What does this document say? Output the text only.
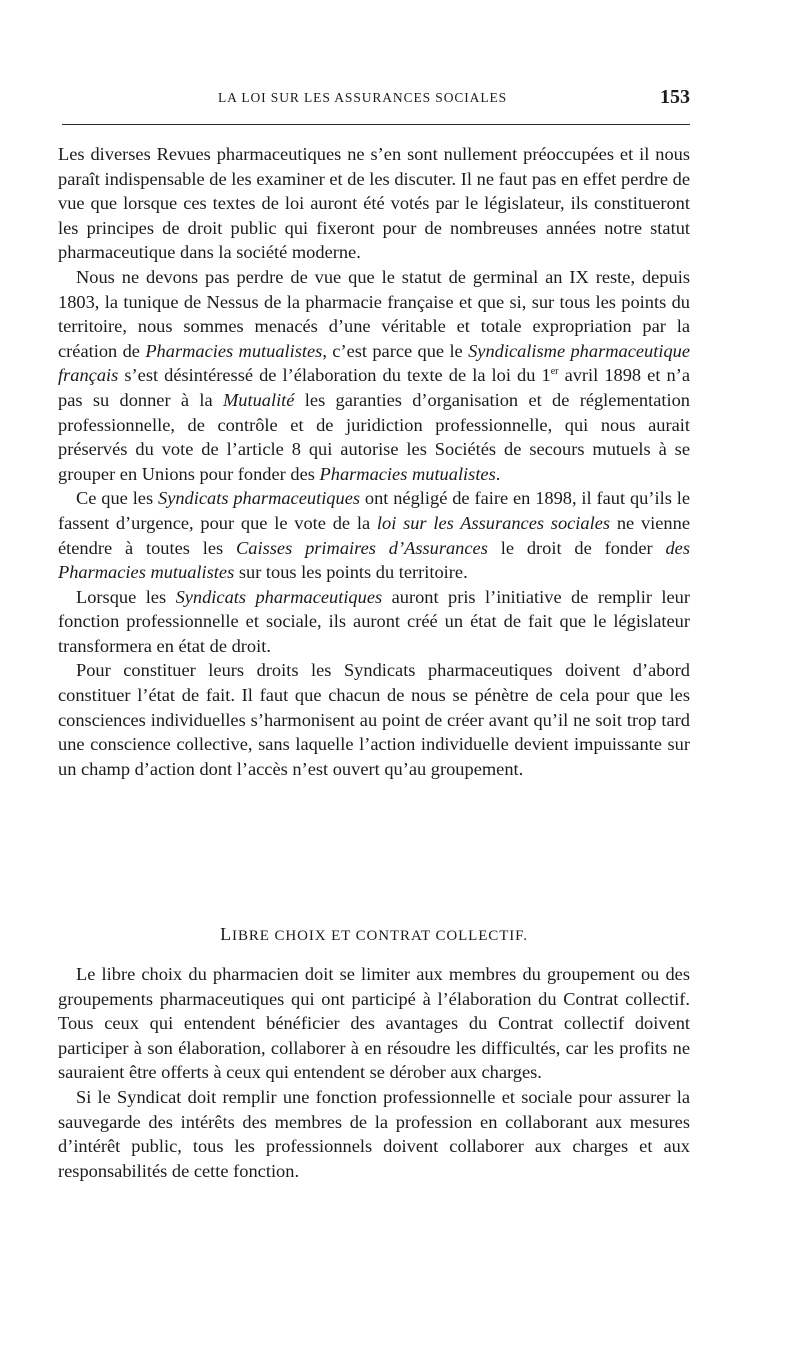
LA LOI SUR LES ASSURANCES SOCIALES	153

Les diverses Revues pharmaceutiques ne s’en sont nullement préoccupées et il nous paraît indispensable de les examiner et de les discuter. Il ne faut pas en effet perdre de vue que lorsque ces textes de loi auront été votés par le législateur, ils constitueront les principes de droit public qui fixeront pour de nombreuses années notre statut pharmaceutique dans la société moderne.

Nous ne devons pas perdre de vue que le statut de germinal an IX reste, depuis 1803, la tunique de Nessus de la pharmacie française et que si, sur tous les points du territoire, nous sommes menacés d’une véritable et totale expropriation par la création de Pharmacies mutualistes, c’est parce que le Syndicalisme pharmaceutique français s’est désintéressé de l’élaboration du texte de la loi du 1er avril 1898 et n’a pas su donner à la Mutualité les garanties d’organisation et de réglementation professionnelle, de contrôle et de juridiction professionnelle, qui nous aurait préservés du vote de l’article 8 qui autorise les Sociétés de secours mutuels à se grouper en Unions pour fonder des Pharmacies mutualistes.

Ce que les Syndicats pharmaceutiques ont négligé de faire en 1898, il faut qu’ils le fassent d’urgence, pour que le vote de la loi sur les Assurances sociales ne vienne étendre à toutes les Caisses primaires d’Assurances le droit de fonder des Pharmacies mutualistes sur tous les points du territoire.

Lorsque les Syndicats pharmaceutiques auront pris l’initiative de remplir leur fonction professionnelle et sociale, ils auront créé un état de fait que le législateur transformera en état de droit.

Pour constituer leurs droits les Syndicats pharmaceutiques doivent d’abord constituer l’état de fait. Il faut que chacun de nous se pénètre de cela pour que les consciences individuelles s’harmonisent au point de créer avant qu’il ne soit trop tard une conscience collective, sans laquelle l’action individuelle devient impuissante sur un champ d’action dont l’accès n’est ouvert qu’au groupement.

LIBRE CHOIX ET CONTRAT COLLECTIF.

Le libre choix du pharmacien doit se limiter aux membres du groupement ou des groupements pharmaceutiques qui ont participé à l’élaboration du Contrat collectif. Tous ceux qui entendent bénéficier des avantages du Contrat collectif doivent participer à son élaboration, collaborer à en résoudre les difficultés, car les profits ne sauraient être offerts à ceux qui entendent se dérober aux charges.

Si le Syndicat doit remplir une fonction professionnelle et sociale pour assurer la sauvegarde des intérêts des membres de la profession en collaborant aux mesures d’intérêt public, tous les professionnels doivent collaborer aux charges et aux responsabilités de cette fonction.
